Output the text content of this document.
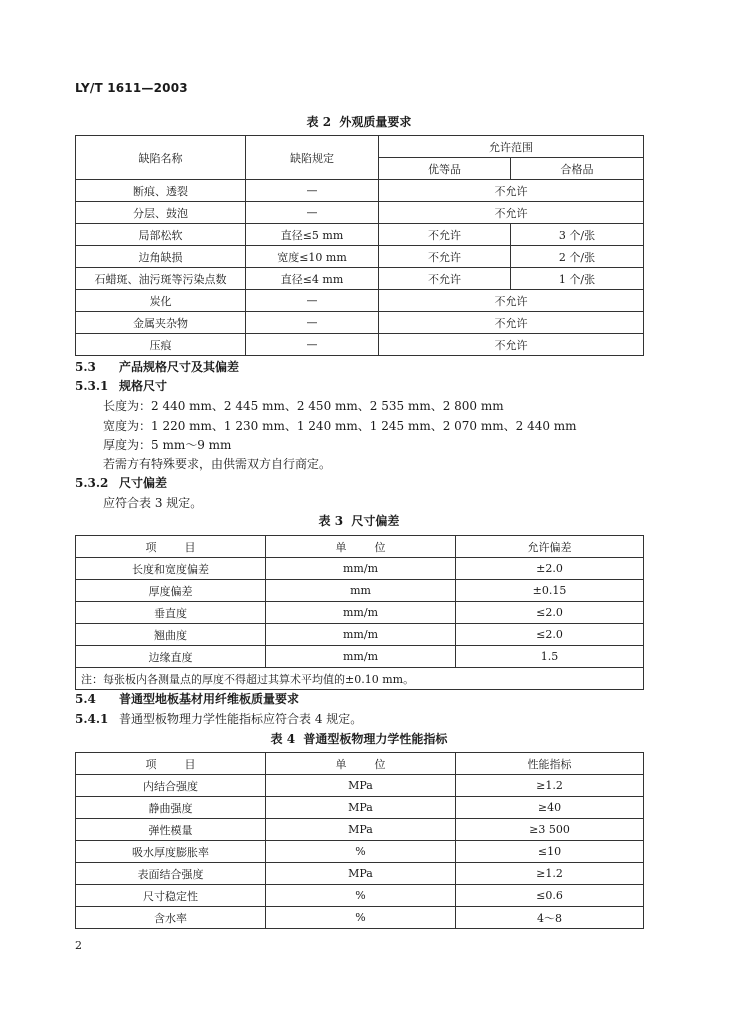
LY/T 1611—2003
表 2  外观质量要求
缺陷名称	缺陷规定	允许范围	
		优等品	合格品
断痕、透裂	—	不允许	
分层、鼓泡	—	不允许	
局部松软	直径≤5 mm	不允许	3 个/张
边角缺损	宽度≤10 mm	不允许	2 个/张
石蜡斑、油污斑等污染点数	直径≤4 mm	不允许	1 个/张
炭化	—	不允许	
金属夹杂物	—	不允许	
压痕	—	不允许	
5.3 产品规格尺寸及其偏差
5.3.1 规格尺寸
长度为：2 440 mm、2 445 mm、2 450 mm、2 535 mm、2 800 mm
宽度为：1 220 mm、1 230 mm、1 240 mm、1 245 mm、2 070 mm、2 440 mm
厚度为：5 mm～9 mm
若需方有特殊要求，由供需双方自行商定。
5.3.2 尺寸偏差
应符合表 3 规定。
表 3  尺寸偏差
项        目	单        位	允许偏差
长度和宽度偏差	mm/m	±2.0
厚度偏差	mm	±0.15
垂直度	mm/m	≤2.0
翘曲度	mm/m	≤2.0
边缘直度	mm/m	1.5
注：每张板内各测量点的厚度不得超过其算术平均值的±0.10 mm。		
5.4 普通型地板基材用纤维板质量要求
5.4.1 普通型板物理力学性能指标应符合表 4 规定。
表 4  普通型板物理力学性能指标
项        目	单        位	性能指标
内结合强度	MPa	≥1.2
静曲强度	MPa	≥40
弹性模量	MPa	≥3 500
吸水厚度膨胀率	%	≤10
表面结合强度	MPa	≥1.2
尺寸稳定性	%	≤0.6
含水率	%	4～8
2
